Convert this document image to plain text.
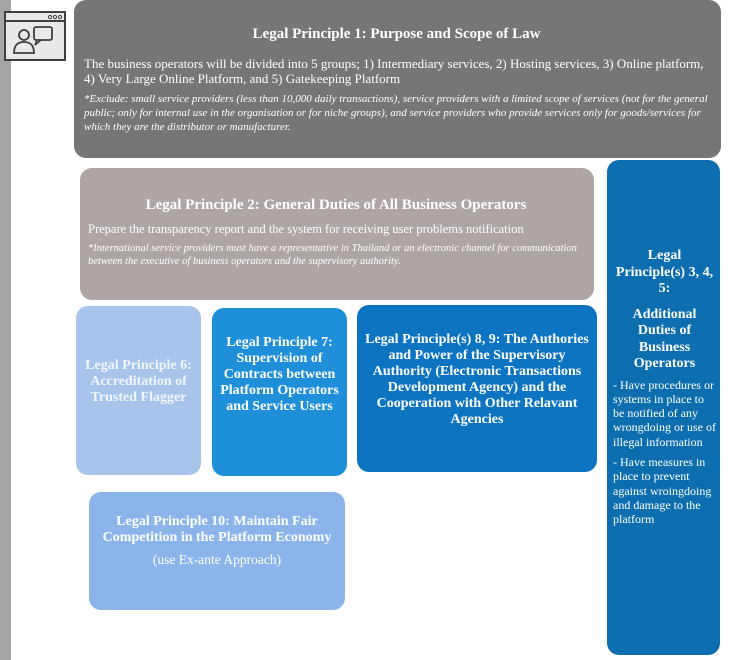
Legal Principle 1: Purpose and Scope of Law
The business operators will be divided into 5 groups; 1) Intermediary services, 2) Hosting services, 3) Online platform, 4) Very Large Online Platform, and 5) Gatekeeping Platform
*Exclude: small service providers (less than 10,000 daily transactions), service providers with a limited scope of services (not for the general public; only for internal use in the organisation or for niche groups), and service providers who provide services only for goods/services for which they are the distributor or manufacturer.
Legal Principle 2: General Duties of All Business Operators
Prepare the transparency report and the system for receiving user problems notification
*International service providers must have a representative in Thailand or an electronic channel for communication between the executive of business operators and the supervisory authority.
Legal Principle 6: Accreditation of Trusted Flagger
Legal Principle 7: Supervision of Contracts between Platform Operators and Service Users
Legal Principle(s) 8, 9: The Authories and Power of the Supervisory Authority (Electronic Transactions Development Agency) and the Cooperation with Other Relavant Agencies
Legal Principle 10: Maintain Fair Competition in the Platform Economy
(use Ex-ante Approach)
Legal Principle(s) 3, 4, 5:
Additional Duties of Business Operators
- Have procedures or systems in place to be notified of any wrongdoing or use of illegal information
- Have measures in place to prevent against wroingdoing and damage to the platform
